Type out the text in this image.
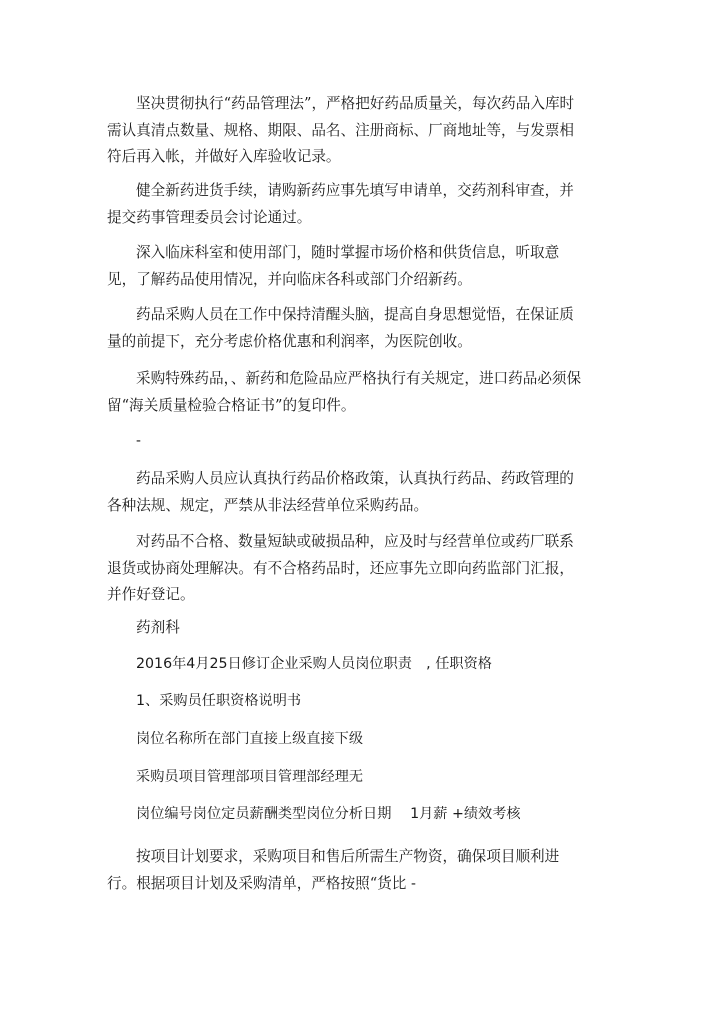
坚决贯彻执行“药品管理法”，严格把好药品质量关，每次药品入库时需认真清点数量、规格、期限、品名、注册商标、厂商地址等，与发票相符后再入帐，并做好入库验收记录。

健全新药进货手续，请购新药应事先填写申请单，交药剂科审查，并提交药事管理委员会讨论通过。

深入临床科室和使用部门，随时掌握市场价格和供货信息，听取意见，了解药品使用情况，并向临床各科或部门介绍新药。

药品采购人员在工作中保持清醒头脑，提高自身思想觉悟，在保证质量的前提下，充分考虑价格优惠和利润率，为医院创收。

采购特殊药品，、新药和危险品应严格执行有关规定，进口药品必须保留“海关质量检验合格证书”的复印件。

-

药品采购人员应认真执行药品价格政策，认真执行药品、药政管理的各种法规、规定，严禁从非法经营单位采购药品。

对药品不合格、数量短缺或破损品种，应及时与经营单位或药厂联系退货或协商处理解决。有不合格药品时，还应事先立即向药监部门汇报，并作好登记。

药剂科

2016年4月25日修订企业采购人员岗位职责　, 任职资格

1、采购员任职资格说明书

岗位名称所在部门直接上级直接下级

采购员项目管理部项目管理部经理无

岗位编号岗位定员薪酬类型岗位分析日期　 1月薪 +绩效考核

按项目计划要求，采购项目和售后所需生产物资，确保项目顺利进行。根据项目计划及采购清单，严格按照“货比 -
